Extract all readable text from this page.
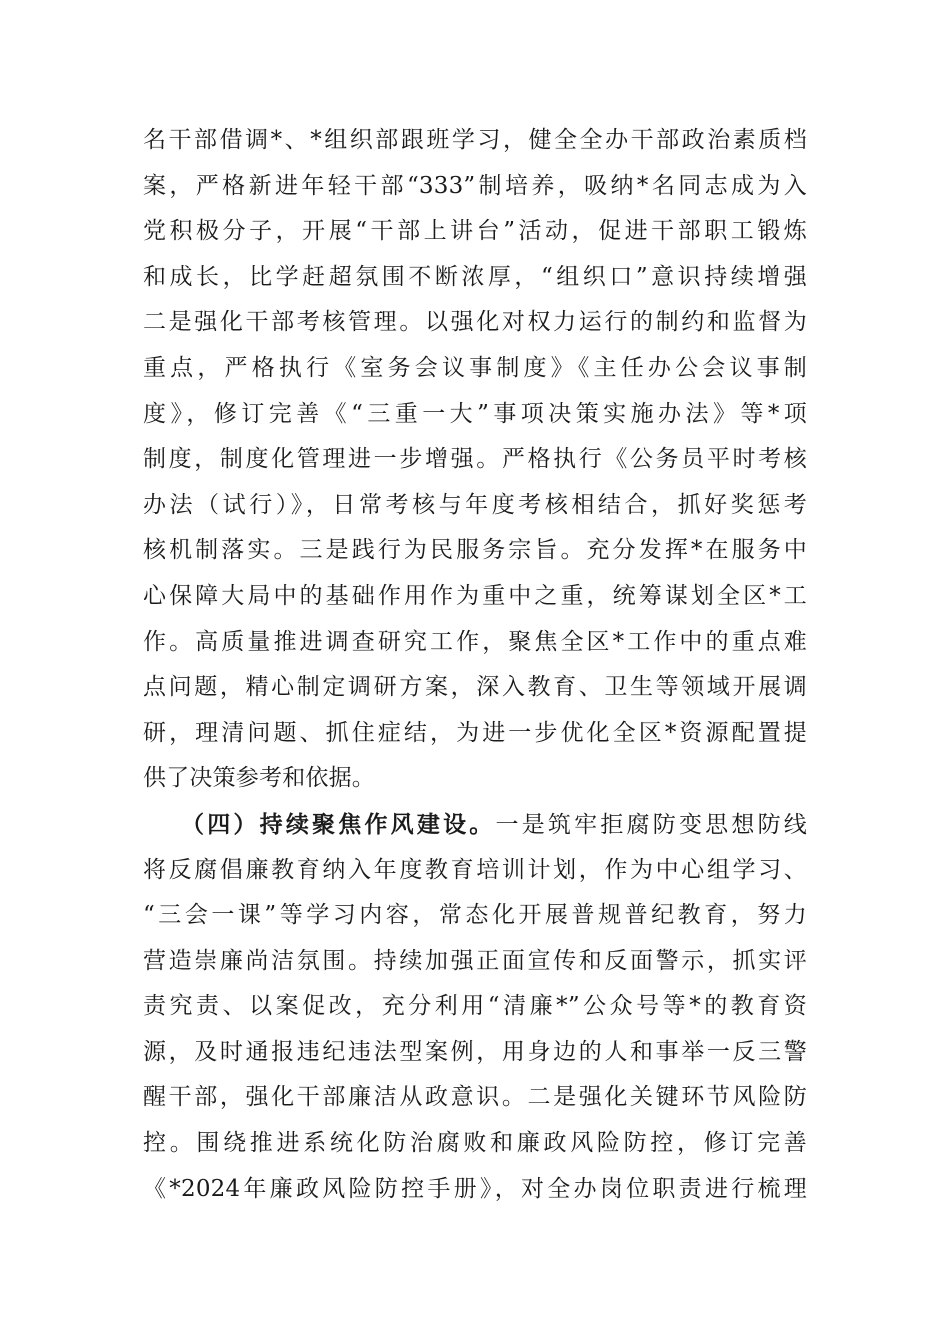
名干部借调*、*组织部跟班学习，健全全办干部政治素质档
案，严格新进年轻干部“333”制培养，吸纳*名同志成为入
党积极分子，开展“干部上讲台”活动，促进干部职工锻炼
和成长，比学赶超氛围不断浓厚，“组织口”意识持续增强
二是强化干部考核管理。以强化对权力运行的制约和监督为
重点，严格执行《室务会议事制度》《主任办公会议事制
度》，修订完善《“三重一大”事项决策实施办法》等*项
制度，制度化管理进一步增强。严格执行《公务员平时考核
办法（试行）》，日常考核与年度考核相结合，抓好奖惩考
核机制落实。三是践行为民服务宗旨。充分发挥*在服务中
心保障大局中的基础作用作为重中之重，统筹谋划全区*工
作。高质量推进调查研究工作，聚焦全区*工作中的重点难
点问题，精心制定调研方案，深入教育、卫生等领域开展调
研，理清问题、抓住症结，为进一步优化全区*资源配置提
供了决策参考和依据。
（四）持续聚焦作风建设。一是筑牢拒腐防变思想防线
将反腐倡廉教育纳入年度教育培训计划，作为中心组学习、
“三会一课”等学习内容，常态化开展普规普纪教育，努力
营造崇廉尚洁氛围。持续加强正面宣传和反面警示，抓实评
责究责、以案促改，充分利用“清廉*”公众号等*的教育资
源，及时通报违纪违法型案例，用身边的人和事举一反三警
醒干部，强化干部廉洁从政意识。二是强化关键环节风险防
控。围绕推进系统化防治腐败和廉政风险防控，修订完善
《*2024年廉政风险防控手册》，对全办岗位职责进行梳理
